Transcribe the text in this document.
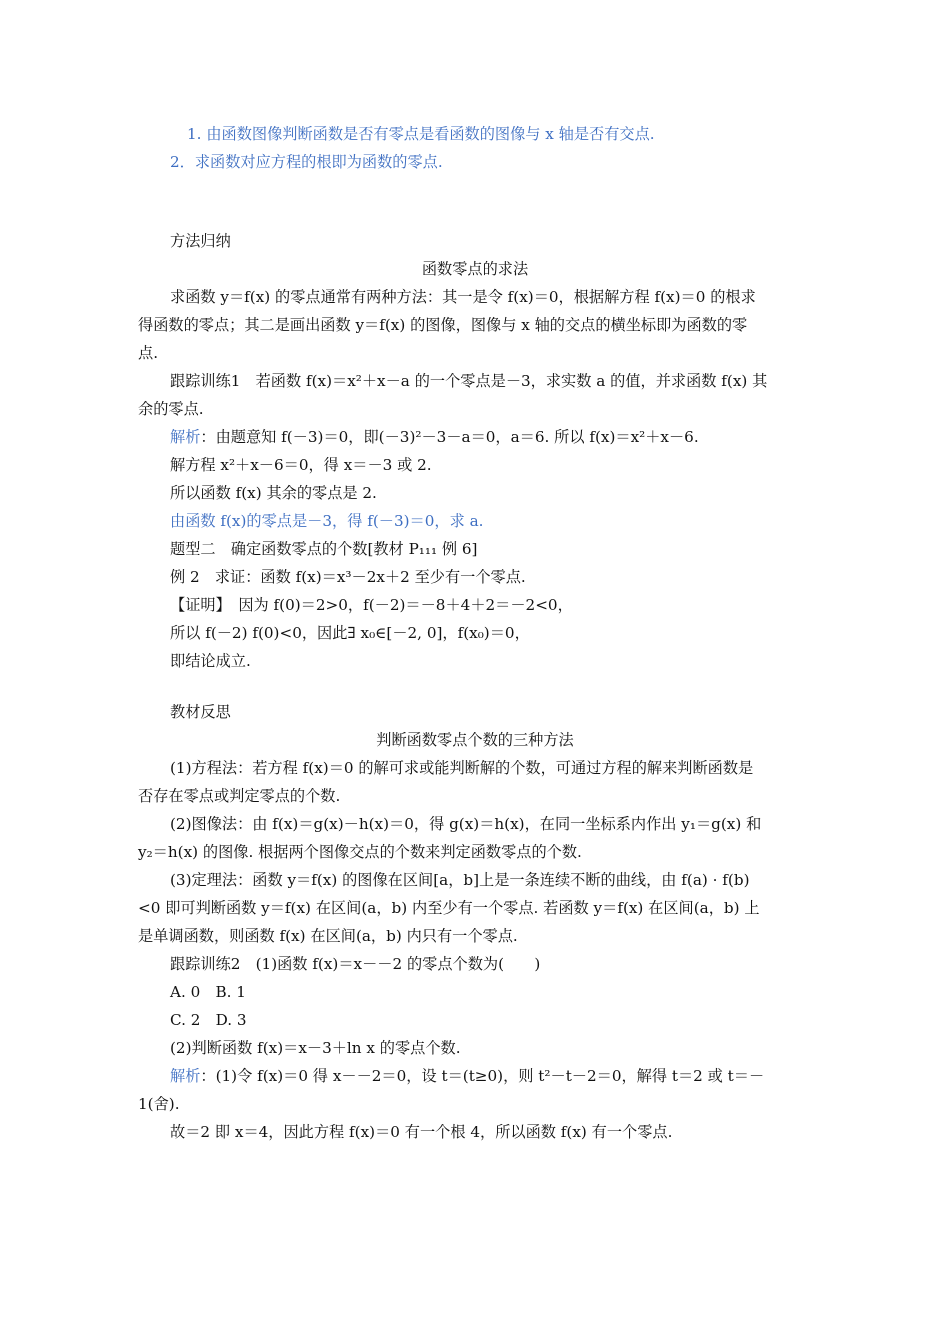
1. 由函数图像判断函数是否有零点是看函数的图像与 x 轴是否有交点.
2．求函数对应方程的根即为函数的零点.
方法归纳
函数零点的求法
求函数 y＝f(x) 的零点通常有两种方法：其一是令 f(x)＝0，根据解方程 f(x)＝0 的根求
得函数的零点；其二是画出函数 y＝f(x) 的图像，图像与 x 轴的交点的横坐标即为函数的零
点.
跟踪训练1　若函数 f(x)＝x²＋x－a 的一个零点是－3，求实数 a 的值，并求函数 f(x) 其
余的零点.
解析：由题意知 f(－3)＝0，即(－3)²－3－a＝0，a＝6. 所以 f(x)＝x²＋x－6.
解方程 x²＋x－6＝0，得 x＝－3 或 2.
所以函数 f(x) 其余的零点是 2.
由函数 f(x)的零点是－3，得 f(－3)＝0，求 a.
题型二　确定函数零点的个数[教材 P₁₁₁ 例 6]
例 2　求证：函数 f(x)＝x³－2x＋2 至少有一个零点.
【证明】　因为 f(0)＝2>0，f(－2)＝－8＋4＋2＝－2<0，
所以 f(－2) f(0)<0，因此∃ x₀∈[－2, 0]，f(x₀)＝0，
即结论成立.
教材反思
判断函数零点个数的三种方法
(1)方程法：若方程 f(x)＝0 的解可求或能判断解的个数，可通过方程的解来判断函数是
否存在零点或判定零点的个数.
(2)图像法：由 f(x)＝g(x)－h(x)＝0，得 g(x)＝h(x)，在同一坐标系内作出 y₁＝g(x) 和
y₂＝h(x) 的图像. 根据两个图像交点的个数来判定函数零点的个数.
(3)定理法：函数 y＝f(x) 的图像在区间[a，b]上是一条连续不断的曲线，由 f(a) · f(b)
<0 即可判断函数 y＝f(x) 在区间(a，b) 内至少有一个零点. 若函数 y＝f(x) 在区间(a，b) 上
是单调函数，则函数 f(x) 在区间(a，b) 内只有一个零点.
跟踪训练2　(1)函数 f(x)＝x－－2 的零点个数为(　　)
A. 0　B. 1
C. 2　D. 3
(2)判断函数 f(x)＝x－3＋ln x 的零点个数.
解析：(1)令 f(x)＝0 得 x－－2＝0，设 t＝(t≥0)，则 t²－t－2＝0，解得 t＝2 或 t＝－
1(舍).
故＝2 即 x＝4，因此方程 f(x)＝0 有一个根 4，所以函数 f(x) 有一个零点.
